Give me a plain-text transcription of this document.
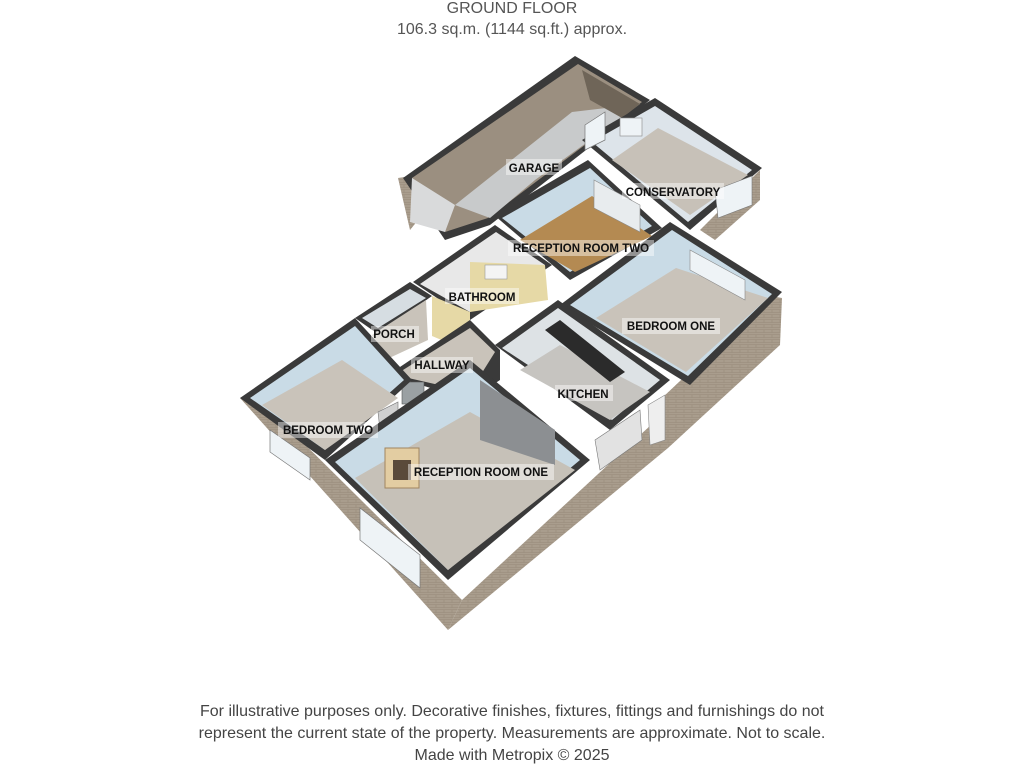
GROUND FLOOR
106.3 sq.m. (1144 sq.ft.) approx.
GARAGE
CONSERVATORY
RECEPTION ROOM TWO
BATHROOM
BEDROOM ONE
PORCH
HALLWAY
KITCHEN
BEDROOM TWO
RECEPTION ROOM ONE
For illustrative purposes only. Decorative finishes, fixtures, fittings and furnishings do not
represent the current state of the property. Measurements are approximate. Not to scale.
Made with Metropix © 2025
